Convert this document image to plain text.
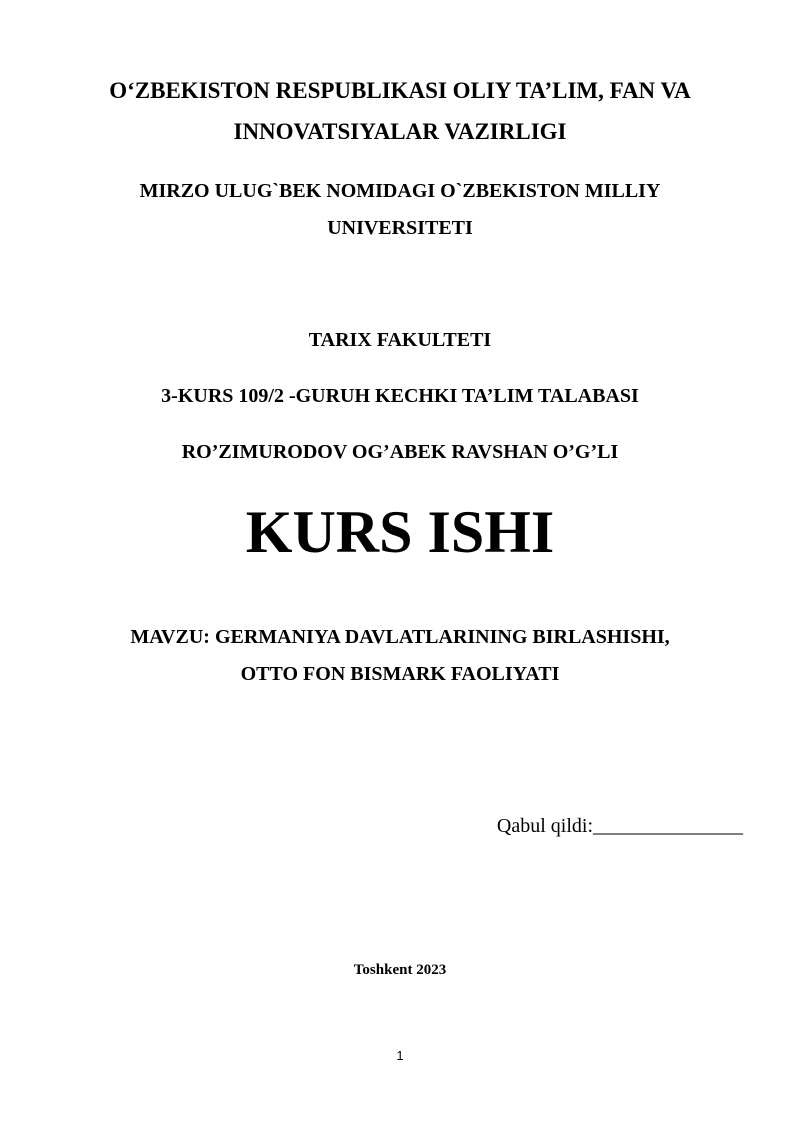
O‘ZBEKISTON RESPUBLIKASI OLIY TA’LIM, FAN VA
INNOVATSIYALAR VAZIRLIGI
MIRZO ULUG`BEK NOMIDAGI O`ZBEKISTON MILLIY
UNIVERSITETI
TARIX FAKULTETI
3-KURS 109/2 -GURUH KECHKI TA’LIM TALABASI
RO’ZIMURODOV OG’ABEK RAVSHAN O’G’LI
KURS ISHI
MAVZU: GERMANIYA DAVLATLARINING BIRLASHISHI,
OTTO FON BISMARK FAOLIYATI
Qabul qildi:_______________
Toshkent 2023
1
